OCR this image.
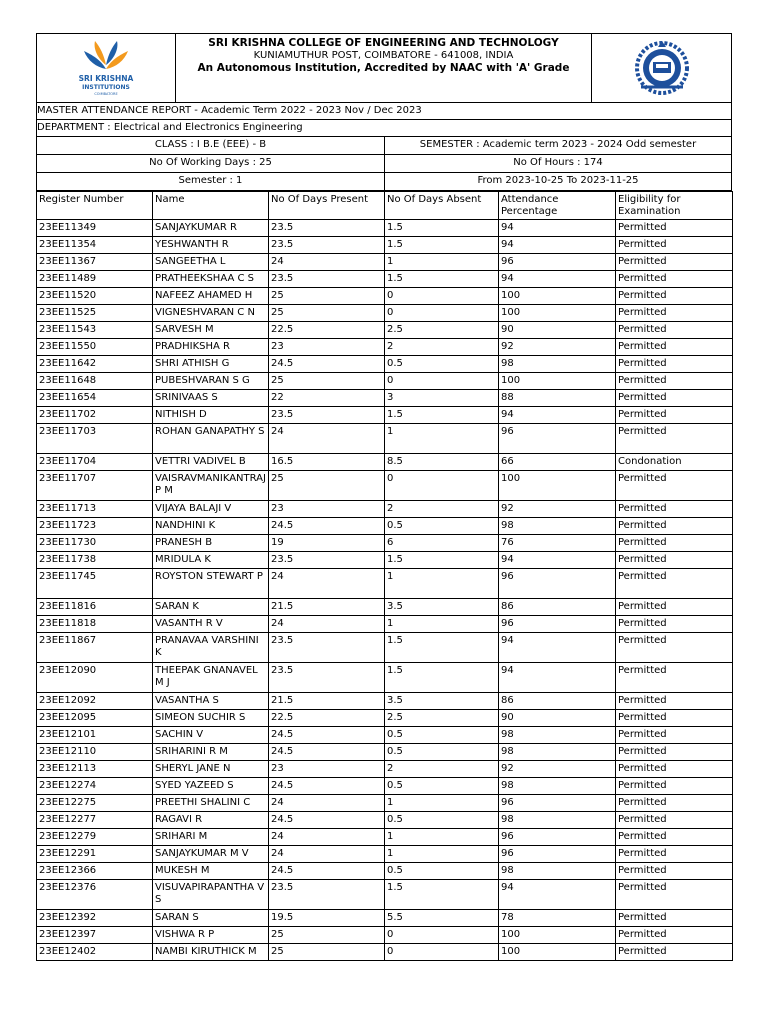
SRI KRISHNA
INSTITUTIONS
COIMBATORE
SRI KRISHNA COLLEGE OF ENGINEERING AND TECHNOLOGY
KUNIAMUTHUR POST, COIMBATORE - 641008, INDIA
An Autonomous Institution, Accredited by NAAC with 'A' Grade
MASTER ATTENDANCE REPORT - Academic Term 2022 - 2023 Nov / Dec 2023
DEPARTMENT : Electrical and Electronics Engineering
CLASS : I B.E (EEE) - B	SEMESTER : Academic term 2023 - 2024 Odd semester
No Of Working Days : 25	No Of Hours : 174
Semester : 1	From 2023-10-25 To 2023-11-25
Register Number	Name	No Of Days Present	No Of Days Absent	Attendance Percentage	Eligibility for Examination
23EE11349	SANJAYKUMAR R	23.5	1.5	94	Permitted
23EE11354	YESHWANTH R	23.5	1.5	94	Permitted
23EE11367	SANGEETHA L	24	1	96	Permitted
23EE11489	PRATHEEKSHAA C S	23.5	1.5	94	Permitted
23EE11520	NAFEEZ AHAMED H	25	0	100	Permitted
23EE11525	VIGNESHVARAN C N	25	0	100	Permitted
23EE11543	SARVESH M	22.5	2.5	90	Permitted
23EE11550	PRADHIKSHA R	23	2	92	Permitted
23EE11642	SHRI ATHISH G	24.5	0.5	98	Permitted
23EE11648	PUBESHVARAN S G	25	0	100	Permitted
23EE11654	SRINIVAAS S	22	3	88	Permitted
23EE11702	NITHISH D	23.5	1.5	94	Permitted
23EE11703	ROHAN GANAPATHY S	24	1	96	Permitted
23EE11704	VETTRI VADIVEL B	16.5	8.5	66	Condonation
23EE11707	VAISRAVMANIKANTRAJ P M	25	0	100	Permitted
23EE11713	VIJAYA BALAJI V	23	2	92	Permitted
23EE11723	NANDHINI K	24.5	0.5	98	Permitted
23EE11730	PRANESH B	19	6	76	Permitted
23EE11738	MRIDULA K	23.5	1.5	94	Permitted
23EE11745	ROYSTON STEWART P	24	1	96	Permitted
23EE11816	SARAN K	21.5	3.5	86	Permitted
23EE11818	VASANTH R V	24	1	96	Permitted
23EE11867	PRANAVAA VARSHINI K	23.5	1.5	94	Permitted
23EE12090	THEEPAK GNANAVEL M J	23.5	1.5	94	Permitted
23EE12092	VASANTHA S	21.5	3.5	86	Permitted
23EE12095	SIMEON SUCHIR S	22.5	2.5	90	Permitted
23EE12101	SACHIN V	24.5	0.5	98	Permitted
23EE12110	SRIHARINI R M	24.5	0.5	98	Permitted
23EE12113	SHERYL JANE N	23	2	92	Permitted
23EE12274	SYED YAZEED S	24.5	0.5	98	Permitted
23EE12275	PREETHI SHALINI C	24	1	96	Permitted
23EE12277	RAGAVI R	24.5	0.5	98	Permitted
23EE12279	SRIHARI M	24	1	96	Permitted
23EE12291	SANJAYKUMAR M V	24	1	96	Permitted
23EE12366	MUKESH M	24.5	0.5	98	Permitted
23EE12376	VISUVAPIRAPANTHA V S	23.5	1.5	94	Permitted
23EE12392	SARAN S	19.5	5.5	78	Permitted
23EE12397	VISHWA R P	25	0	100	Permitted
23EE12402	NAMBI KIRUTHICK M	25	0	100	Permitted
